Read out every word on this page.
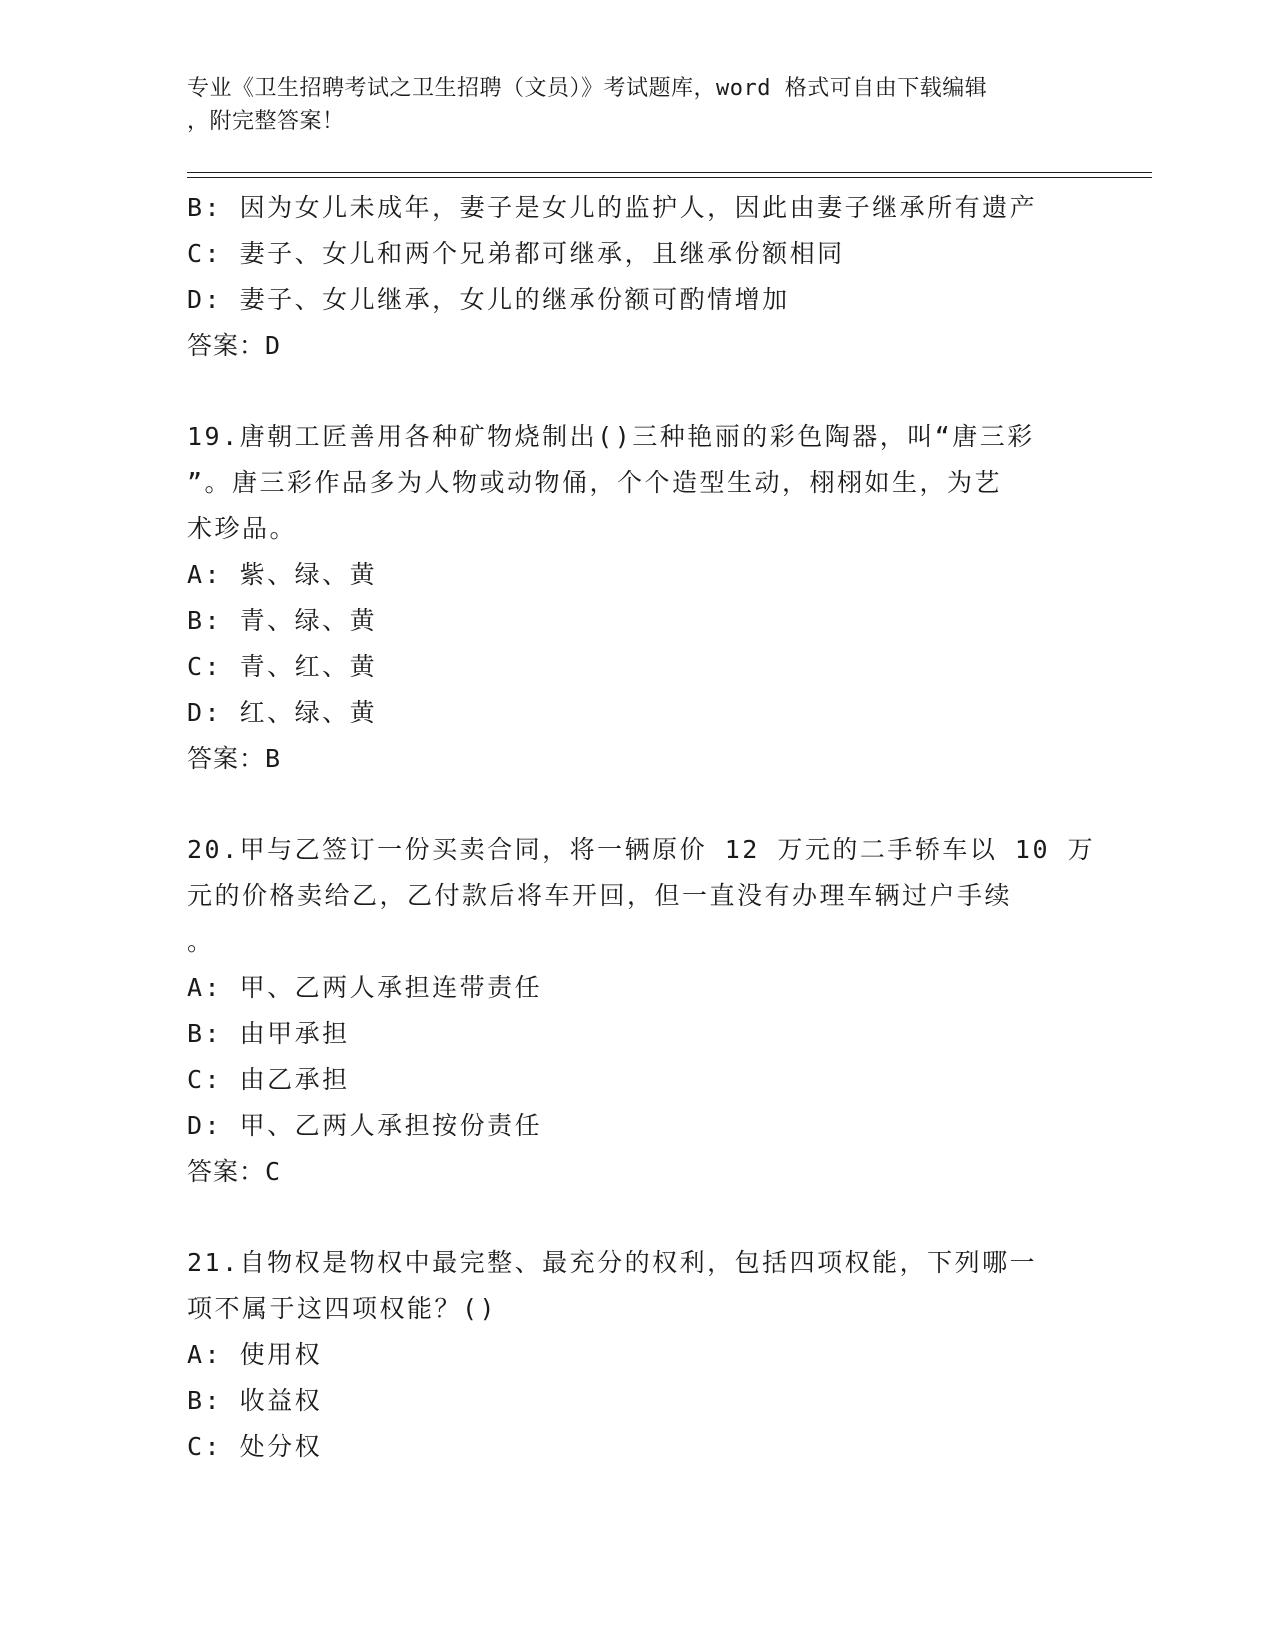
专业《卫生招聘考试之卫生招聘（文员）》考试题库，word 格式可自由下载编辑
，附完整答案！
B: 因为女儿未成年，妻子是女儿的监护人，因此由妻子继承所有遗产
C: 妻子、女儿和两个兄弟都可继承，且继承份额相同
D: 妻子、女儿继承，女儿的继承份额可酌情增加
答案：D
19.唐朝工匠善用各种矿物烧制出()三种艳丽的彩色陶器，叫“唐三彩
”。唐三彩作品多为人物或动物俑，个个造型生动，栩栩如生，为艺
术珍品。
A: 紫、绿、黄
B: 青、绿、黄
C: 青、红、黄
D: 红、绿、黄
答案：B
20.甲与乙签订一份买卖合同，将一辆原价 12 万元的二手轿车以 10 万
元的价格卖给乙，乙付款后将车开回，但一直没有办理车辆过户手续
。
A: 甲、乙两人承担连带责任
B: 由甲承担
C: 由乙承担
D: 甲、乙两人承担按份责任
答案：C
21.自物权是物权中最完整、最充分的权利，包括四项权能，下列哪一
项不属于这四项权能？()
A: 使用权
B: 收益权
C: 处分权
